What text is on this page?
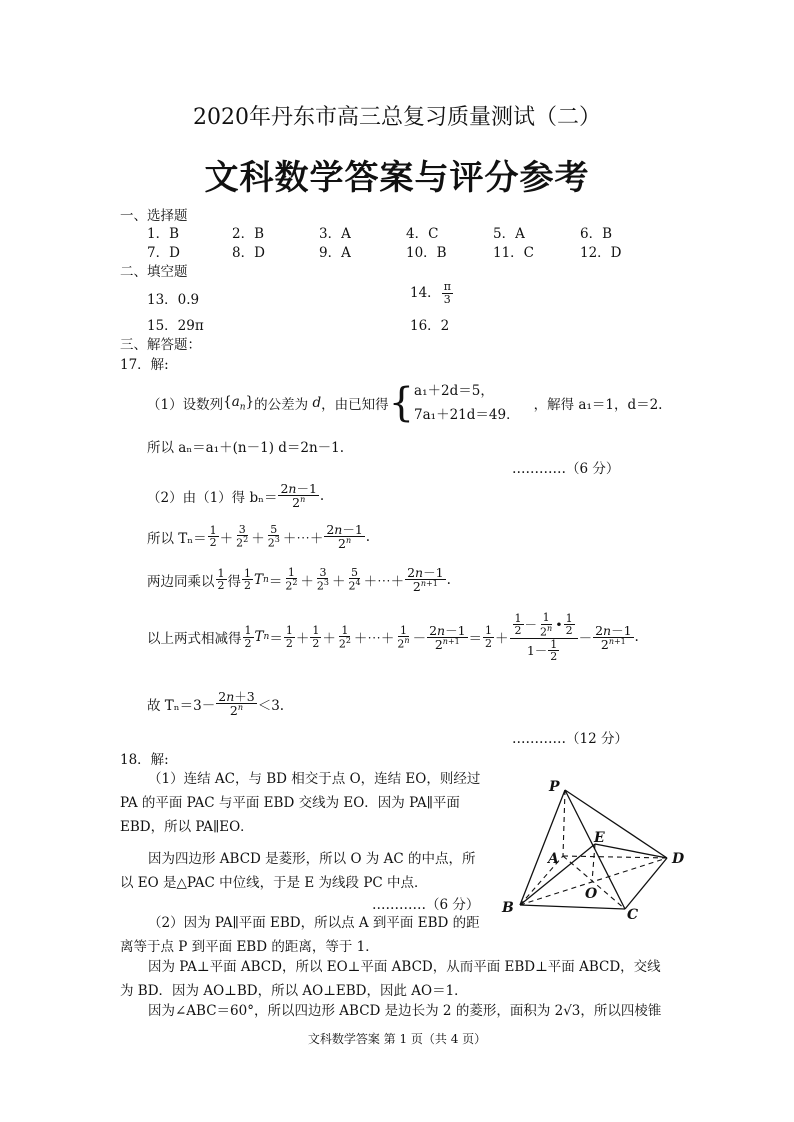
2020年丹东市高三总复习质量测试（二）
文科数学答案与评分参考
一、选择题
1．B	2．B	3．A	4．C	5．A	6．B
7．D	8．D	9．A	10．B	11．C	12．D
二、填空题
13．0.9	14． $\frac{\pi}{3}$
15．29π	16．2
三、解答题：
17．解:
（1）设数列 $\{a_n\}$ 的公差为 d ，由已知得 { a₁＋2d＝5，
7a₁＋21d＝49．
，解得 a₁＝1，d＝2.
所以 aₙ＝a₁＋(n－1) d＝2n－1.
…………（6 分）
（2）由（1）得 bₙ＝
2n－1
2$^n$ .
所以 Tₙ＝
1
2 ＋
3
$2^2$ ＋
5
$2^3$ ＋⋯＋
2n－1
2$^n$ .
两边同乘以
1
2 得
1
2 T n ＝
1
$2^2$ ＋
3
$2^3$ ＋
5
$2^4$ ＋⋯＋
2n－1
$2^{n+1}$ .
以上两式相减得
1
2 T n ＝
1
2 ＋
1
2 ＋
1
$2^2$ ＋⋯＋
1
$2^n$ －
2n－1
$2^{n+1}$ ＝
1
2 ＋
1
2 － 1
2$^n$ • 1
2
1－ 1
2
－
2n－1
$2^{n+1}$ .
故 Tₙ＝3－
2n＋3
$2^n <3$.
…………（12 分）
18．解:
（1）连结 AC，与 BD 相交于点 O，连结 EO，则经过 PA 的平面 PAC 与平面 EBD 交线为 EO．因为 PA∥平面 EBD，所以 PA∥EO．
因为四边形 ABCD 是菱形，所以 O 为 AC 的中点，所以 EO 是△PAC 中位线，于是 E 为线段 PC 中点．
…………（6 分）
（2）因为 PA∥平面 EBD，所以点 A 到平面 EBD 的距离等于点 P 到平面 EBD 的距离，等于 1．
因为 PA⊥平面 ABCD，所以 EO⊥平面 ABCD，从而平面 EBD⊥平面 ABCD，交线为 BD．因为 AO⊥BD，所以 AO⊥EBD，因此 AO＝1．
因为∠ABC＝60°，所以四边形 ABCD 是边长为 2 的菱形，面积为 2√3，所以四棱锥
P
E
A	D
O
B	C
文科数学答案 第 1 页（共 4 页）
